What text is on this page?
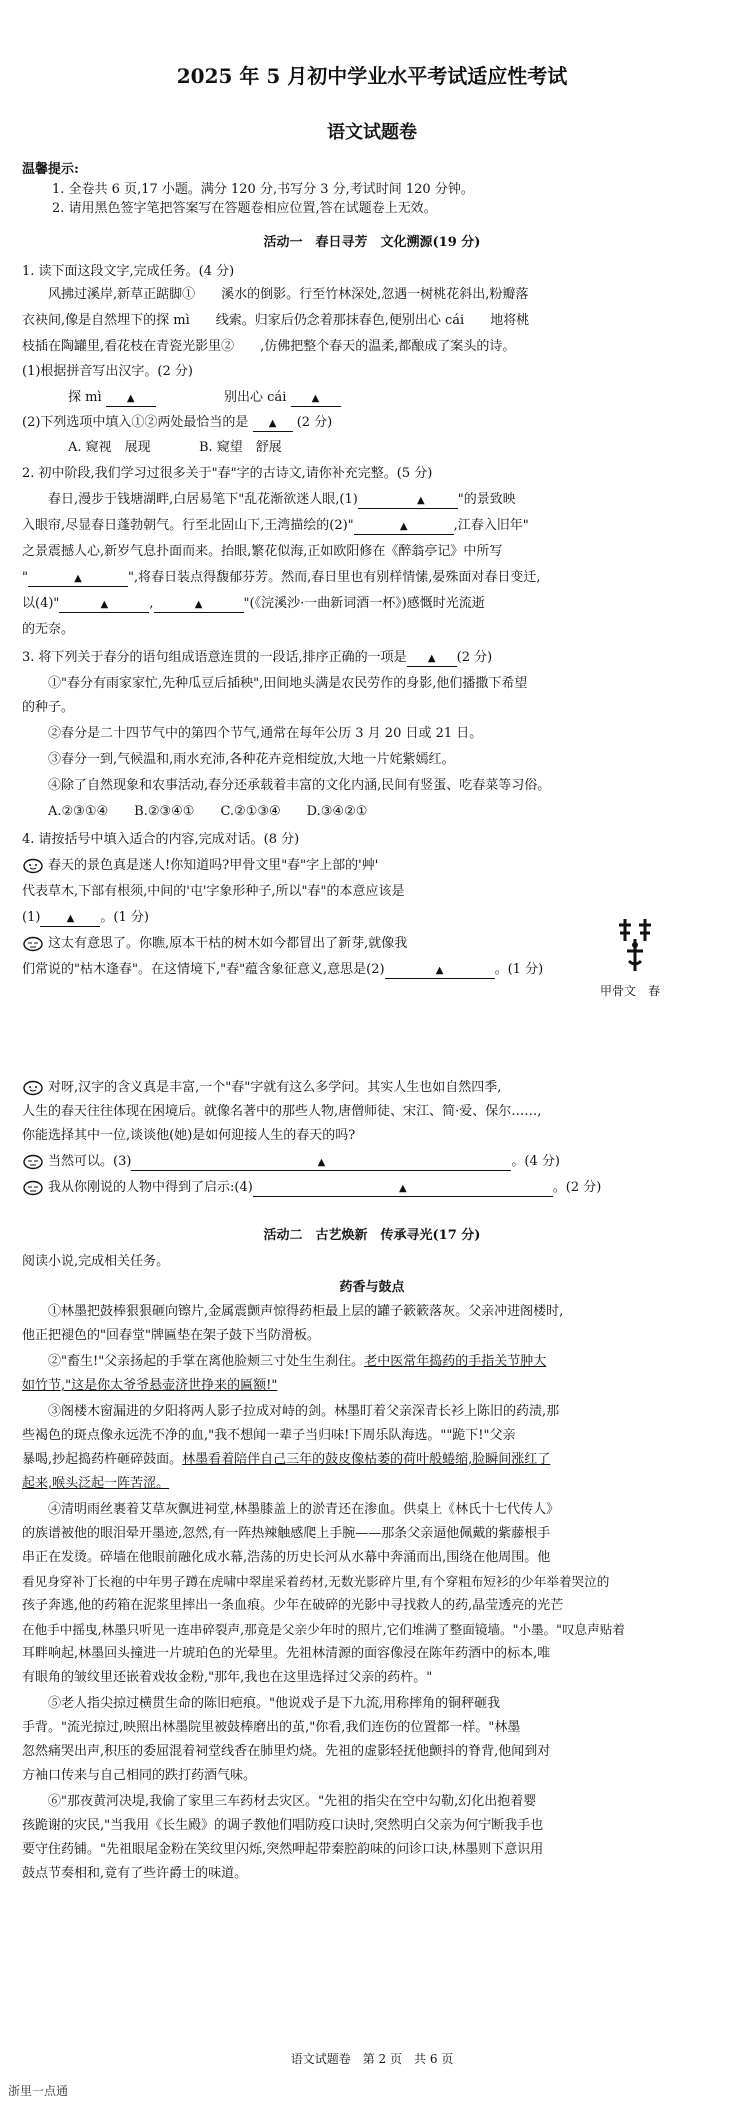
2025 年 5 月初中学业水平考试适应性考试
语文试题卷
温馨提示:
1. 全卷共 6 页,17 小题。满分 120 分,书写分 3 分,考试时间 120 分钟。
2. 请用黑色签字笔把答案写在答题卷相应位置,答在试题卷上无效。
活动一　春日寻芳　文化溯源(19 分)
1. 读下面这段文字,完成任务。(4 分)
风拂过溪岸,新草正踮脚①　　溪水的倒影。行至竹林深处,忽遇一树桃花斜出,粉瓣落
衣袂间,像是自然埋下的探 mì　　线索。归家后仍念着那抹春色,便别出心 cái　　地将桃
枝插在陶罐里,看花枝在青瓷光影里②　　,仿佛把整个春天的温柔,都酿成了案头的诗。
(1)根据拼音写出汉字。(2 分)
探 mì	▲	别出心 cái	▲
(2)下列选项中填入①②两处最恰当的是 ▲ (2 分)
A. 窥视　展现	B. 窥望　舒展
2. 初中阶段,我们学习过很多关于"春"字的古诗文,请你补充完整。(5 分)
春日,漫步于钱塘湖畔,白居易笔下"乱花渐欲迷人眼,(1)	▲	"的景致映
入眼帘,尽显春日蓬勃朝气。行至北固山下,王湾描绘的(2)"	▲	,江春入旧年"
之景震撼人心,新岁气息扑面而来。抬眼,繁花似海,正如欧阳修在《醉翁亭记》中所写
"	▲	",将春日装点得馥郁芬芳。然而,春日里也有别样情愫,晏殊面对春日变迁,
以(4)"	▲	,	▲	"(《浣溪沙·一曲新词酒一杯》)感慨时光流逝
的无奈。
3. 将下列关于春分的语句组成语意连贯的一段话,排序正确的一项是 ▲ (2 分)
①"春分有雨家家忙,先种瓜豆后插秧",田间地头满是农民劳作的身影,他们播撒下希望
的种子。
②春分是二十四节气中的第四个节气,通常在每年公历 3 月 20 日或 21 日。
③春分一到,气候温和,雨水充沛,各种花卉竞相绽放,大地一片姹紫嫣红。
④除了自然现象和农事活动,春分还承载着丰富的文化内涵,民间有竖蛋、吃春菜等习俗。
A.②③①④　　B.②③④①　　C.②①③④　　D.③④②①
4. 请按括号中填入适合的内容,完成对话。(8 分)
春天的景色真是迷人!你知道吗?甲骨文里"春"字上部的'艸'
代表草木,下部有根须,中间的'屯'字象形种子,所以"春"的本意应该是
(1)	▲ 。(1 分)
甲骨文　春
这太有意思了。你瞧,原本干枯的树木如今都冒出了新芽,就像我
们常说的"枯木逢春"。在这情境下,"春"蕴含象征意义,意思是(2)	▲	。(1 分)
对呀,汉字的含义真是丰富,一个"春"字就有这么多学问。其实人生也如自然四季,
人生的春天往往体现在困境后。就像名著中的那些人物,唐僧师徒、宋江、简·爱、保尔……,
你能选择其中一位,谈谈他(她)是如何迎接人生的春天的吗?
当然可以。(3)	▲	。(4 分)
我从你刚说的人物中得到了启示:(4)	▲	。(2 分)
活动二　古艺焕新　传承寻光(17 分)
阅读小说,完成相关任务。
药香与鼓点
①林墨把鼓棒狠狠砸向镲片,金属震颤声惊得药柜最上层的罐子簌簌落灰。父亲冲进阁楼时,
他正把褪色的"回春堂"牌匾垫在架子鼓下当防滑板。
②"畜生!"父亲扬起的手掌在离他脸颊三寸处生生刹住。老中医常年捣药的手指关节肿大
如竹节,"这是你太爷爷悬壶济世挣来的匾额!"
③阁楼木窗漏进的夕阳将两人影子拉成对峙的剑。林墨盯着父亲深青长衫上陈旧的药渍,那
些褐色的斑点像永远洗不净的血,"我不想闻一辈子当归味!下周乐队海选。""跪下!"父亲
暴喝,抄起捣药杵砸碎鼓面。林墨看着陪伴自己三年的鼓皮像枯萎的荷叶般蜷缩,脸瞬间涨红了
起来,喉头泛起一阵苦涩。
④清明雨丝裹着艾草灰飘进祠堂,林墨膝盖上的淤青还在渗血。供桌上《林氏十七代传人》
的族谱被他的眼泪晕开墨迹,忽然,有一阵热辣触感爬上手腕——那条父亲逼他佩戴的紫藤根手
串正在发烫。碎墙在他眼前融化成水幕,浩荡的历史长河从水幕中奔涌而出,围绕在他周围。他
看见身穿补丁长袍的中年男子蹲在虎啸中翠崖采着药材,无数光影碎片里,有个穿粗布短衫的少年举着哭泣的
孩子奔逃,他的药箱在泥浆里摔出一条血痕。少年在破碎的光影中寻找救人的药,晶莹透亮的光芒
在他手中摇曳,林墨只听见一连串碎裂声,那竟是父亲少年时的照片,它们堆满了整面镜墙。"小墨。"叹息声贴着
耳畔响起,林墨回头撞进一片琥珀色的光晕里。先祖林清源的面容像浸在陈年药酒中的标本,唯
有眼角的皱纹里还嵌着戏妆金粉,"那年,我也在这里选择过父亲的药杵。"
⑤老人指尖掠过横贯生命的陈旧疤痕。"他说戏子是下九流,用称摔角的铜秤砸我
手背。"流光掠过,映照出林墨院里被鼓棒磨出的茧,"你看,我们连伤的位置都一样。"林墨
忽然痛哭出声,积压的委屈混着祠堂线香在肺里灼烧。先祖的虚影轻抚他颤抖的脊背,他闻到对
方袖口传来与自己相同的跌打药酒气味。
⑥"那夜黄河决堤,我偷了家里三车药材去灾区。"先祖的指尖在空中勾勒,幻化出抱着婴
孩跪谢的灾民,"当我用《长生殿》的调子教他们唱防疫口诀时,突然明白父亲为何宁断我手也
要守住药铺。"先祖眼尾金粉在笑纹里闪烁,突然呷起带秦腔韵味的问诊口诀,林墨则下意识用
鼓点节奏相和,竟有了些许爵士的味道。
语文试题卷　第 2 页　共 6 页
浙里一点通
